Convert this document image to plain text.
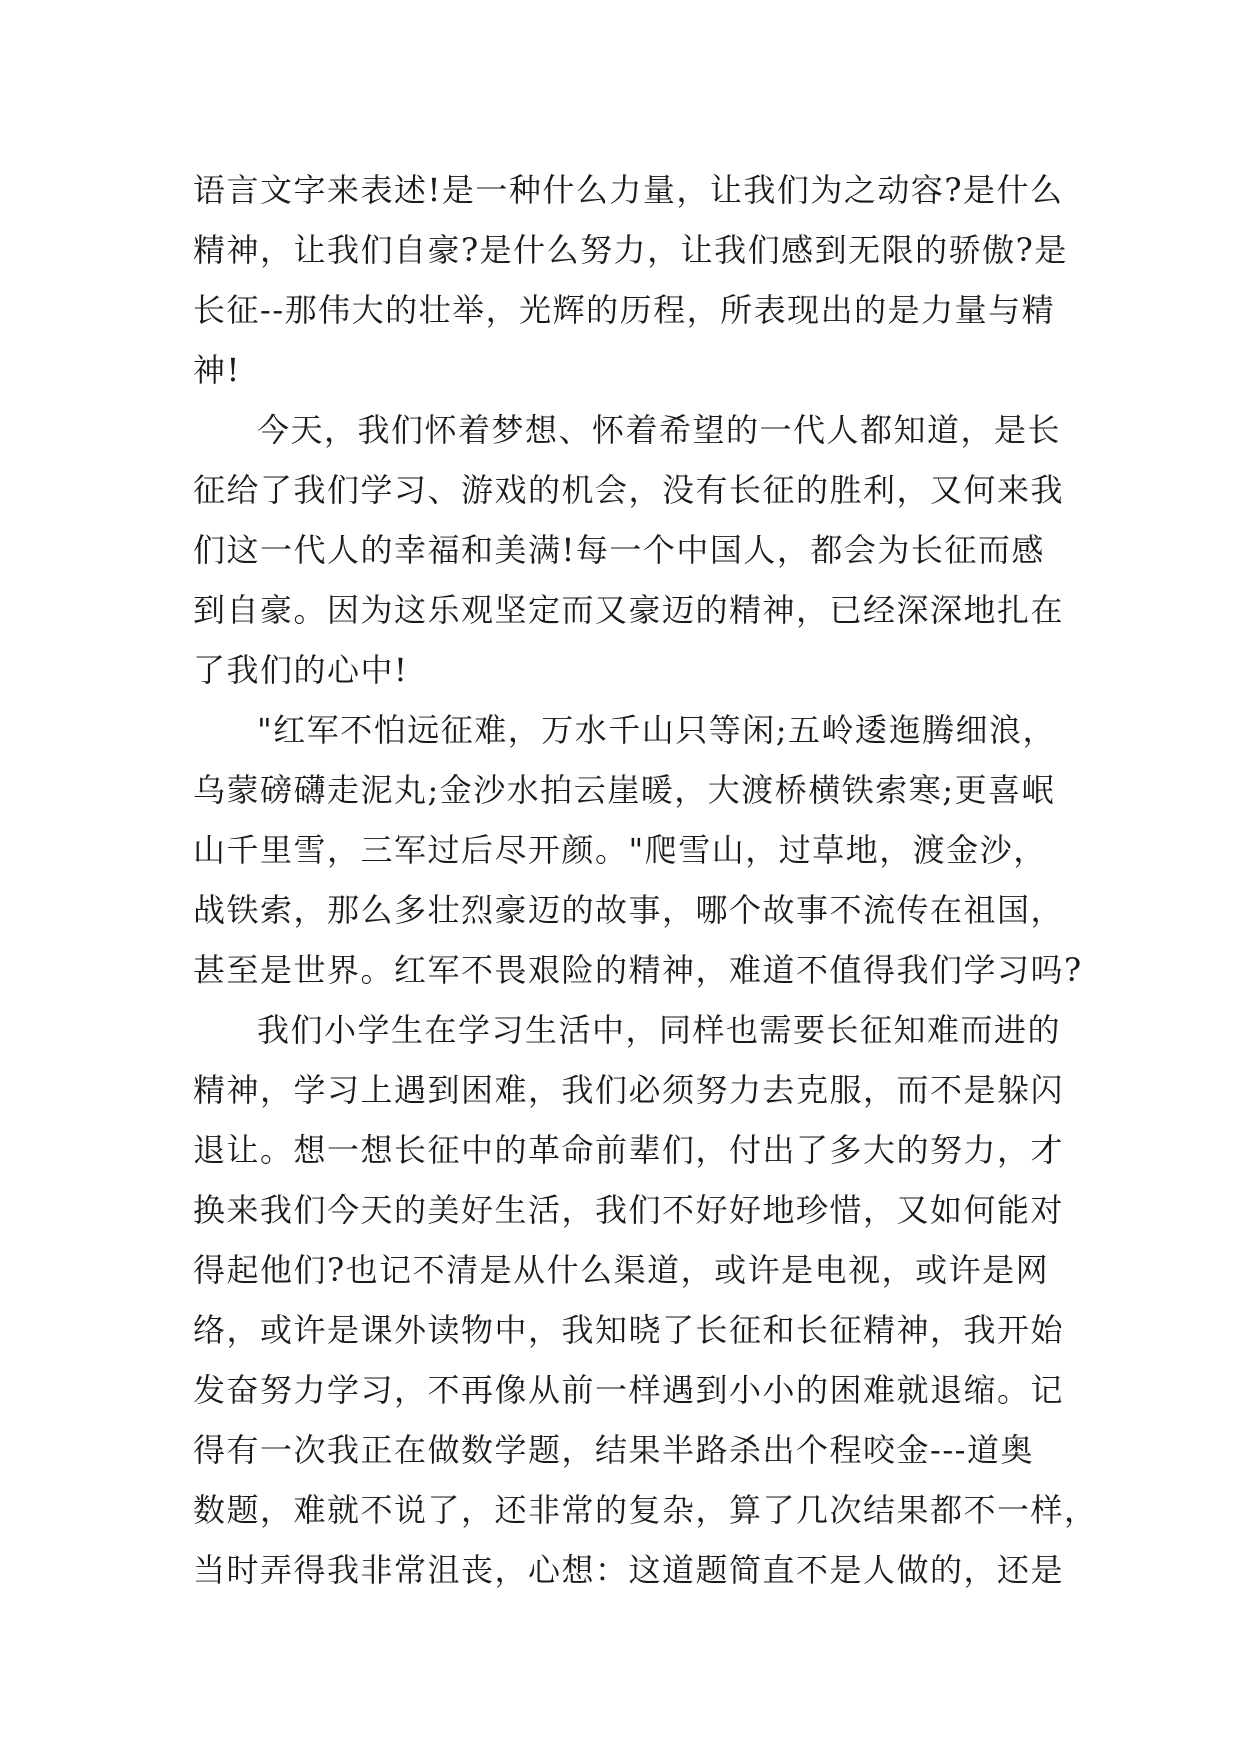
语言文字来表述!是一种什么力量，让我们为之动容?是什么
精神，让我们自豪?是什么努力，让我们感到无限的骄傲?是
长征--那伟大的壮举，光辉的历程，所表现出的是力量与精
神!
今天，我们怀着梦想、怀着希望的一代人都知道，是长
征给了我们学习、游戏的机会，没有长征的胜利，又何来我
们这一代人的幸福和美满!每一个中国人，都会为长征而感
到自豪。因为这乐观坚定而又豪迈的精神，已经深深地扎在
了我们的心中!
"红军不怕远征难，万水千山只等闲;五岭逶迤腾细浪，
乌蒙磅礴走泥丸;金沙水拍云崖暖，大渡桥横铁索寒;更喜岷
山千里雪，三军过后尽开颜。"爬雪山，过草地，渡金沙，
战铁索，那么多壮烈豪迈的故事，哪个故事不流传在祖国，
甚至是世界。红军不畏艰险的精神，难道不值得我们学习吗?
我们小学生在学习生活中，同样也需要长征知难而进的
精神，学习上遇到困难，我们必须努力去克服，而不是躲闪
退让。想一想长征中的革命前辈们，付出了多大的努力，才
换来我们今天的美好生活，我们不好好地珍惜，又如何能对
得起他们?也记不清是从什么渠道，或许是电视，或许是网
络，或许是课外读物中，我知晓了长征和长征精神，我开始
发奋努力学习，不再像从前一样遇到小小的困难就退缩。记
得有一次我正在做数学题，结果半路杀出个程咬金---道奥
数题，难就不说了，还非常的复杂，算了几次结果都不一样，
当时弄得我非常沮丧，心想：这道题简直不是人做的，还是
